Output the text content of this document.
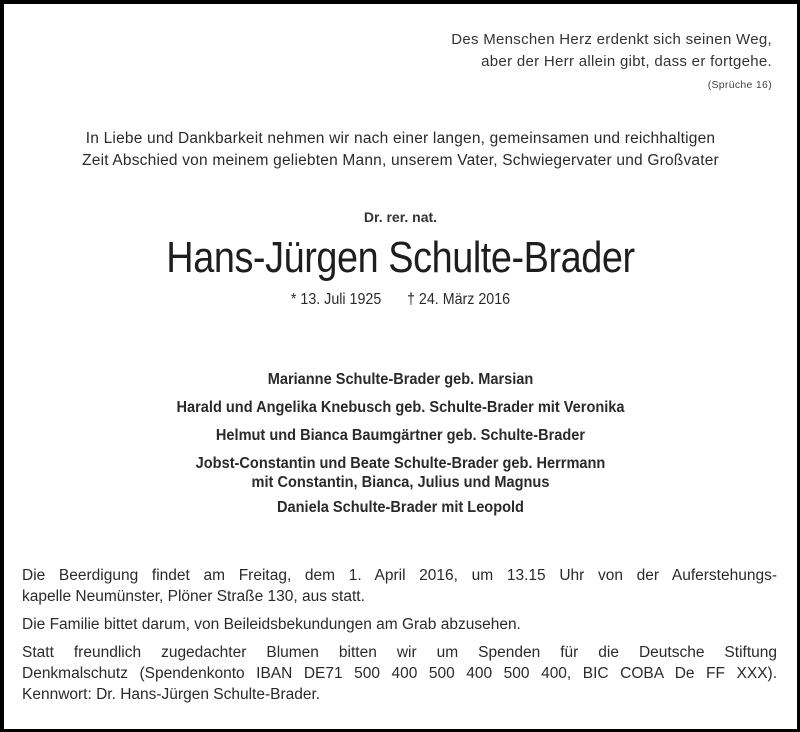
Des Menschen Herz erdenkt sich seinen Weg,
aber der Herr allein gibt, dass er fortgehe.
(Sprüche 16)
In Liebe und Dankbarkeit nehmen wir nach einer langen, gemeinsamen und reichhaltigen
Zeit Abschied von meinem geliebten Mann, unserem Vater, Schwiegervater und Großvater
Dr. rer. nat.
Hans-Jürgen Schulte-Brader
* 13. Juli 1925 † 24. März 2016
Marianne Schulte-Brader geb. Marsian
Harald und Angelika Knebusch geb. Schulte-Brader mit Veronika
Helmut und Bianca Baumgärtner geb. Schulte-Brader
Jobst-Constantin und Beate Schulte-Brader geb. Herrmann
mit Constantin, Bianca, Julius und Magnus
Daniela Schulte-Brader mit Leopold

Die Beerdigung findet am Freitag, dem 1. April 2016, um 13.15 Uhr von der Auferstehungs-
kapelle Neumünster, Plöner Straße 130, aus statt.

Die Familie bittet darum, von Beileidsbekundungen am Grab abzusehen.

Statt freundlich zugedachter Blumen bitten wir um Spenden für die Deutsche Stiftung
Denkmalschutz (Spendenkonto IBAN DE71 500 400 500 400 500 400, BIC COBA De FF XXX).
Kennwort: Dr. Hans-Jürgen Schulte-Brader.
